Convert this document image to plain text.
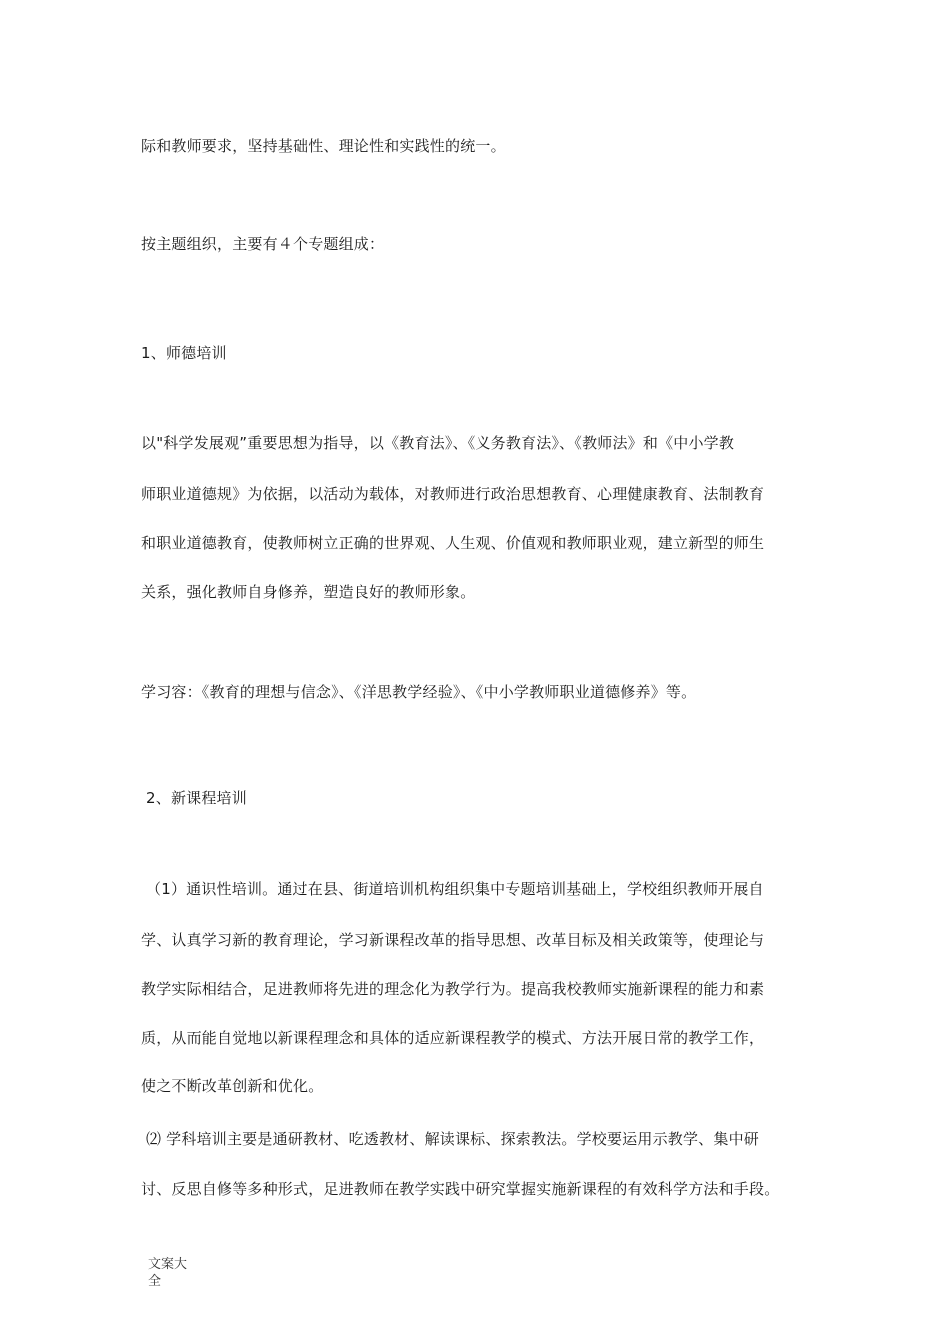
际和教师要求，坚持基础性、理论性和实践性的统一。
按主题组织，主要有４个专题组成：
1、师德培训
以"科学发展观”重要思想为指导，以《教育法》、《义务教育法》、《教师法》和《中小学教
师职业道德规》为依据，以活动为载体，对教师进行政治思想教育、心理健康教育、法制教育
和职业道德教育，使教师树立正确的世界观、人生观、价值观和教师职业观，建立新型的师生
关系，强化教师自身修养，塑造良好的教师形象。
学习容：《教育的理想与信念》、《洋思教学经验》、《中小学教师职业道德修养》等。
2、新课程培训
（1）通识性培训。通过在县、街道培训机构组织集中专题培训基础上，学校组织教师开展自
学、认真学习新的教育理论，学习新课程改革的指导思想、改革目标及相关政策等，使理论与
教学实际相结合，足进教师将先进的理念化为教学行为。提高我校教师实施新课程的能力和素
质，从而能自觉地以新课程理念和具体的适应新课程教学的模式、方法开展日常的教学工作，
使之不断改革创新和优化。
⑵ 学科培训主要是通研教材、吃透教材、解读课标、探索教法。学校要运用示教学、集中研
讨、反思自修等多种形式，足进教师在教学实践中研究掌握实施新课程的有效科学方法和手段。
文案大全
